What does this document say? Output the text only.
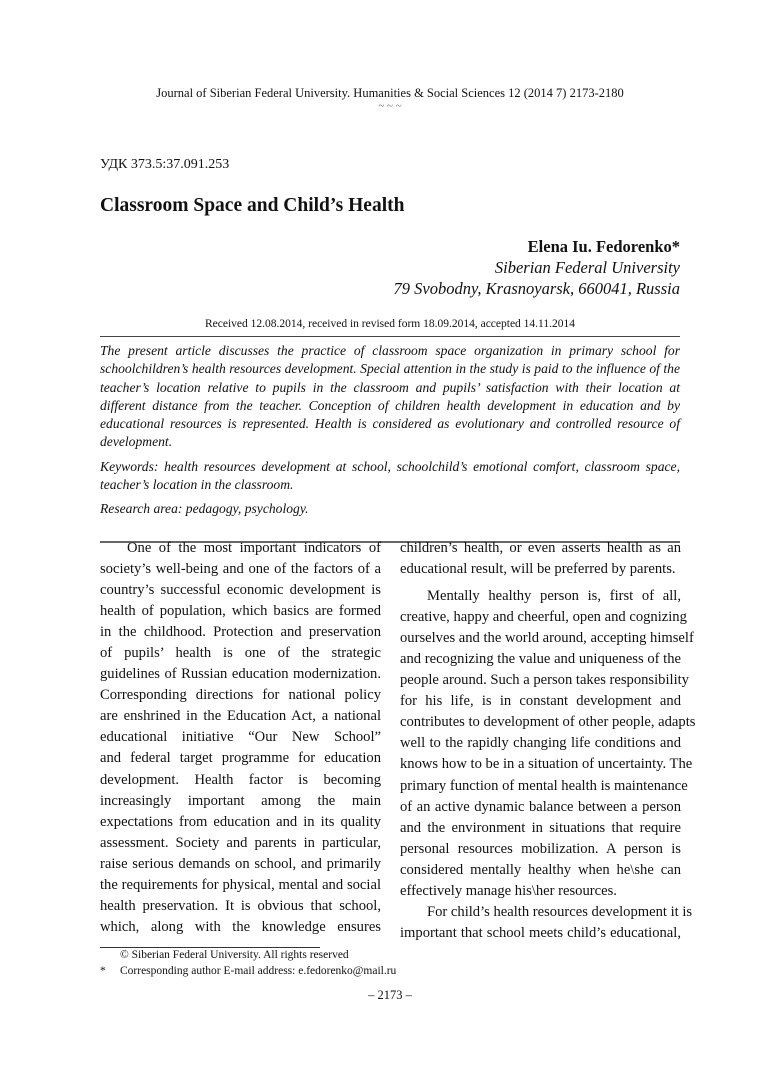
Journal of Siberian Federal University. Humanities & Social Sciences 12 (2014 7) 2173-2180
~ ~ ~
УДК 373.5:37.091.253
Classroom Space and Child’s Health
Elena Iu. Fedorenko*
Siberian Federal University
79 Svobodny, Krasnoyarsk, 660041, Russia
Received 12.08.2014, received in revised form 18.09.2014, accepted 14.11.2014

The present article discusses the practice of classroom space organization in primary school for schoolchildren’s health resources development. Special attention in the study is paid to the influence of the teacher’s location relative to pupils in the classroom and pupils’ satisfaction with their location at different distance from the teacher. Conception of children health development in education and by educational resources is represented. Health is considered as evolutionary and controlled resource of development.

Keywords: health resources development at school, schoolchild’s emotional comfort, classroom space, teacher’s location in the classroom.

Research area: pedagogy, psychology.

One of the most important indicators of
society’s well-being and one of the factors of a
country’s successful economic development is
health of population, which basics are formed
in the childhood. Protection and preservation
of pupils’ health is one of the strategic
guidelines of Russian education modernization.
Corresponding directions for national policy
are enshrined in the Education Act, a national
educational initiative “Our New School”
and federal target programme for education
development. Health factor is becoming
increasingly important among the main
expectations from education and in its quality
assessment. Society and parents in particular,
raise serious demands on school, and primarily
the requirements for physical, mental and social
health preservation. It is obvious that school,
which, along with the knowledge ensures
children’s health, or even asserts health as an
educational result, will be preferred by parents.
Mentally healthy person is, first of all,
creative, happy and cheerful, open and cognizing
ourselves and the world around, accepting himself
and recognizing the value and uniqueness of the
people around. Such a person takes responsibility
for his life, is in constant development and
contributes to development of other people, adapts
well to the rapidly changing life conditions and
knows how to be in a situation of uncertainty. The
primary function of mental health is maintenance
of an active dynamic balance between a person
and the environment in situations that require
personal resources mobilization. A person is
considered mentally healthy when he\she can
effectively manage his\her resources.
For child’s health resources development it is
important that school meets child’s educational,
© Siberian Federal University. All rights reserved
* Corresponding author E-mail address: e.fedorenko@mail.ru
– 2173 –
